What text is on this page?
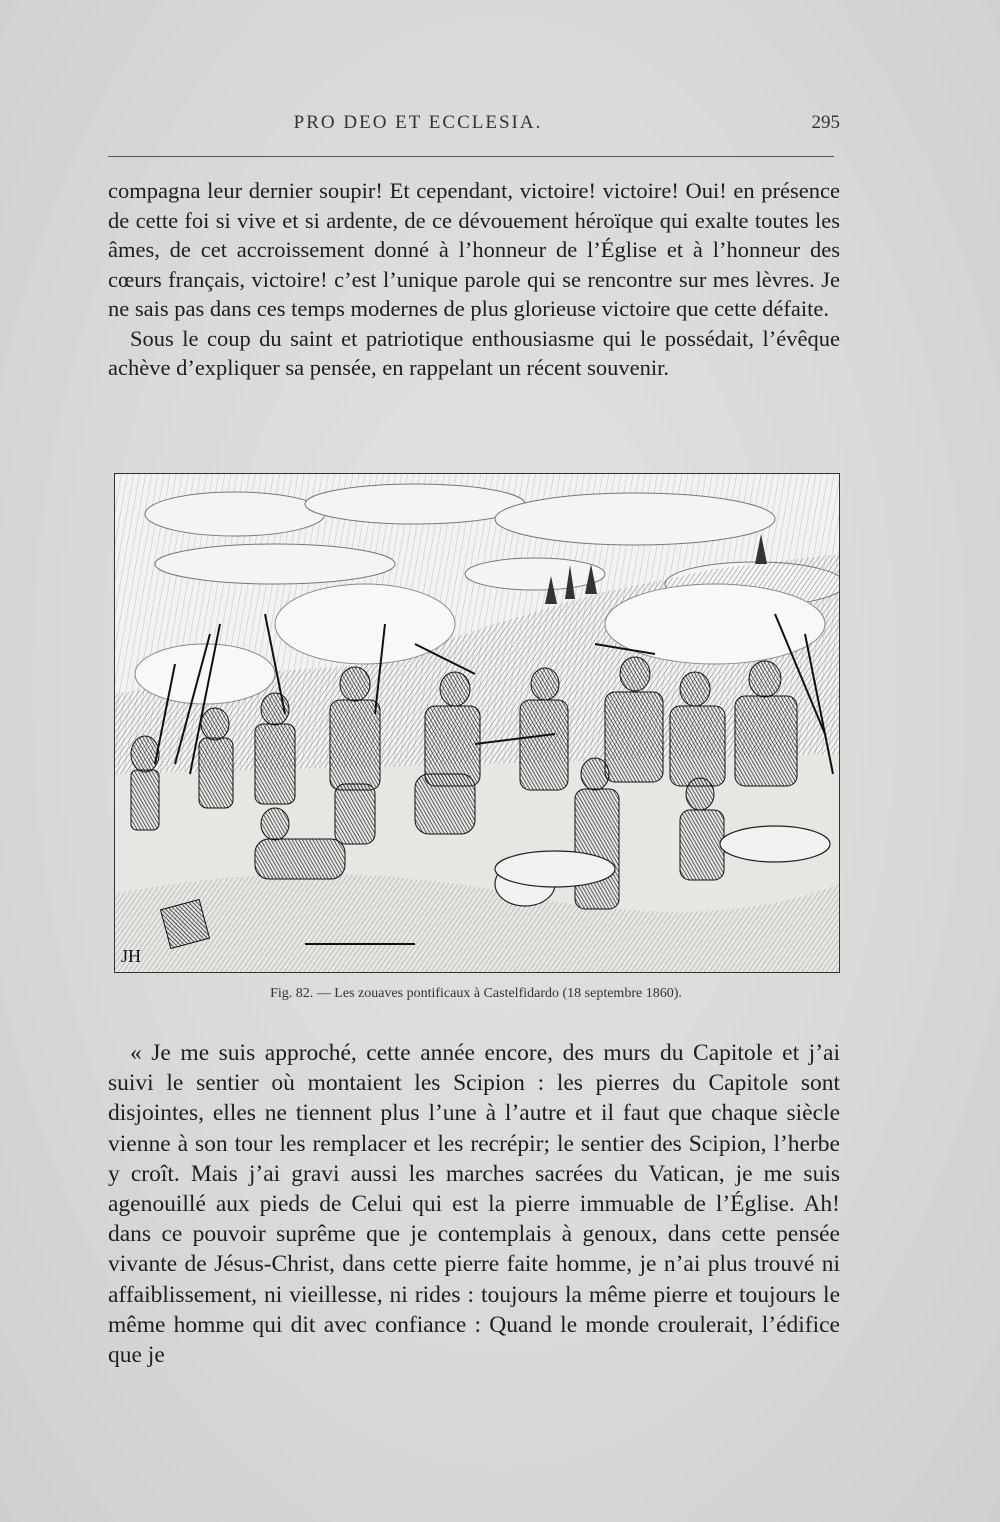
PRO DEO ET ECCLESIA.	295

compagna leur dernier soupir! Et cependant, victoire! victoire! Oui! en présence de cette foi si vive et si ardente, de ce dévouement héroïque qui exalte toutes les âmes, de cet accroissement donné à l’honneur de l’Église et à l’honneur des cœurs français, victoire! c’est l’unique parole qui se rencontre sur mes lèvres. Je ne sais pas dans ces temps modernes de plus glorieuse victoire que cette défaite.

Sous le coup du saint et patriotique enthousiasme qui le possédait, l’évêque achève d’expliquer sa pensée, en rappelant un récent souvenir.

JH
Fig. 82. — Les zouaves pontificaux à Castelfidardo (18 septembre 1860).

« Je me suis approché, cette année encore, des murs du Capitole et j’ai suivi le sentier où montaient les Scipion : les pierres du Capitole sont disjointes, elles ne tiennent plus l’une à l’autre et il faut que chaque siècle vienne à son tour les remplacer et les recrépir; le sentier des Scipion, l’herbe y croît. Mais j’ai gravi aussi les marches sacrées du Vatican, je me suis agenouillé aux pieds de Celui qui est la pierre immuable de l’Église. Ah! dans ce pouvoir suprême que je contemplais à genoux, dans cette pensée vivante de Jésus-Christ, dans cette pierre faite homme, je n’ai plus trouvé ni affaiblissement, ni vieillesse, ni rides : toujours la même pierre et toujours le même homme qui dit avec confiance : Quand le monde croulerait, l’édifice que je
